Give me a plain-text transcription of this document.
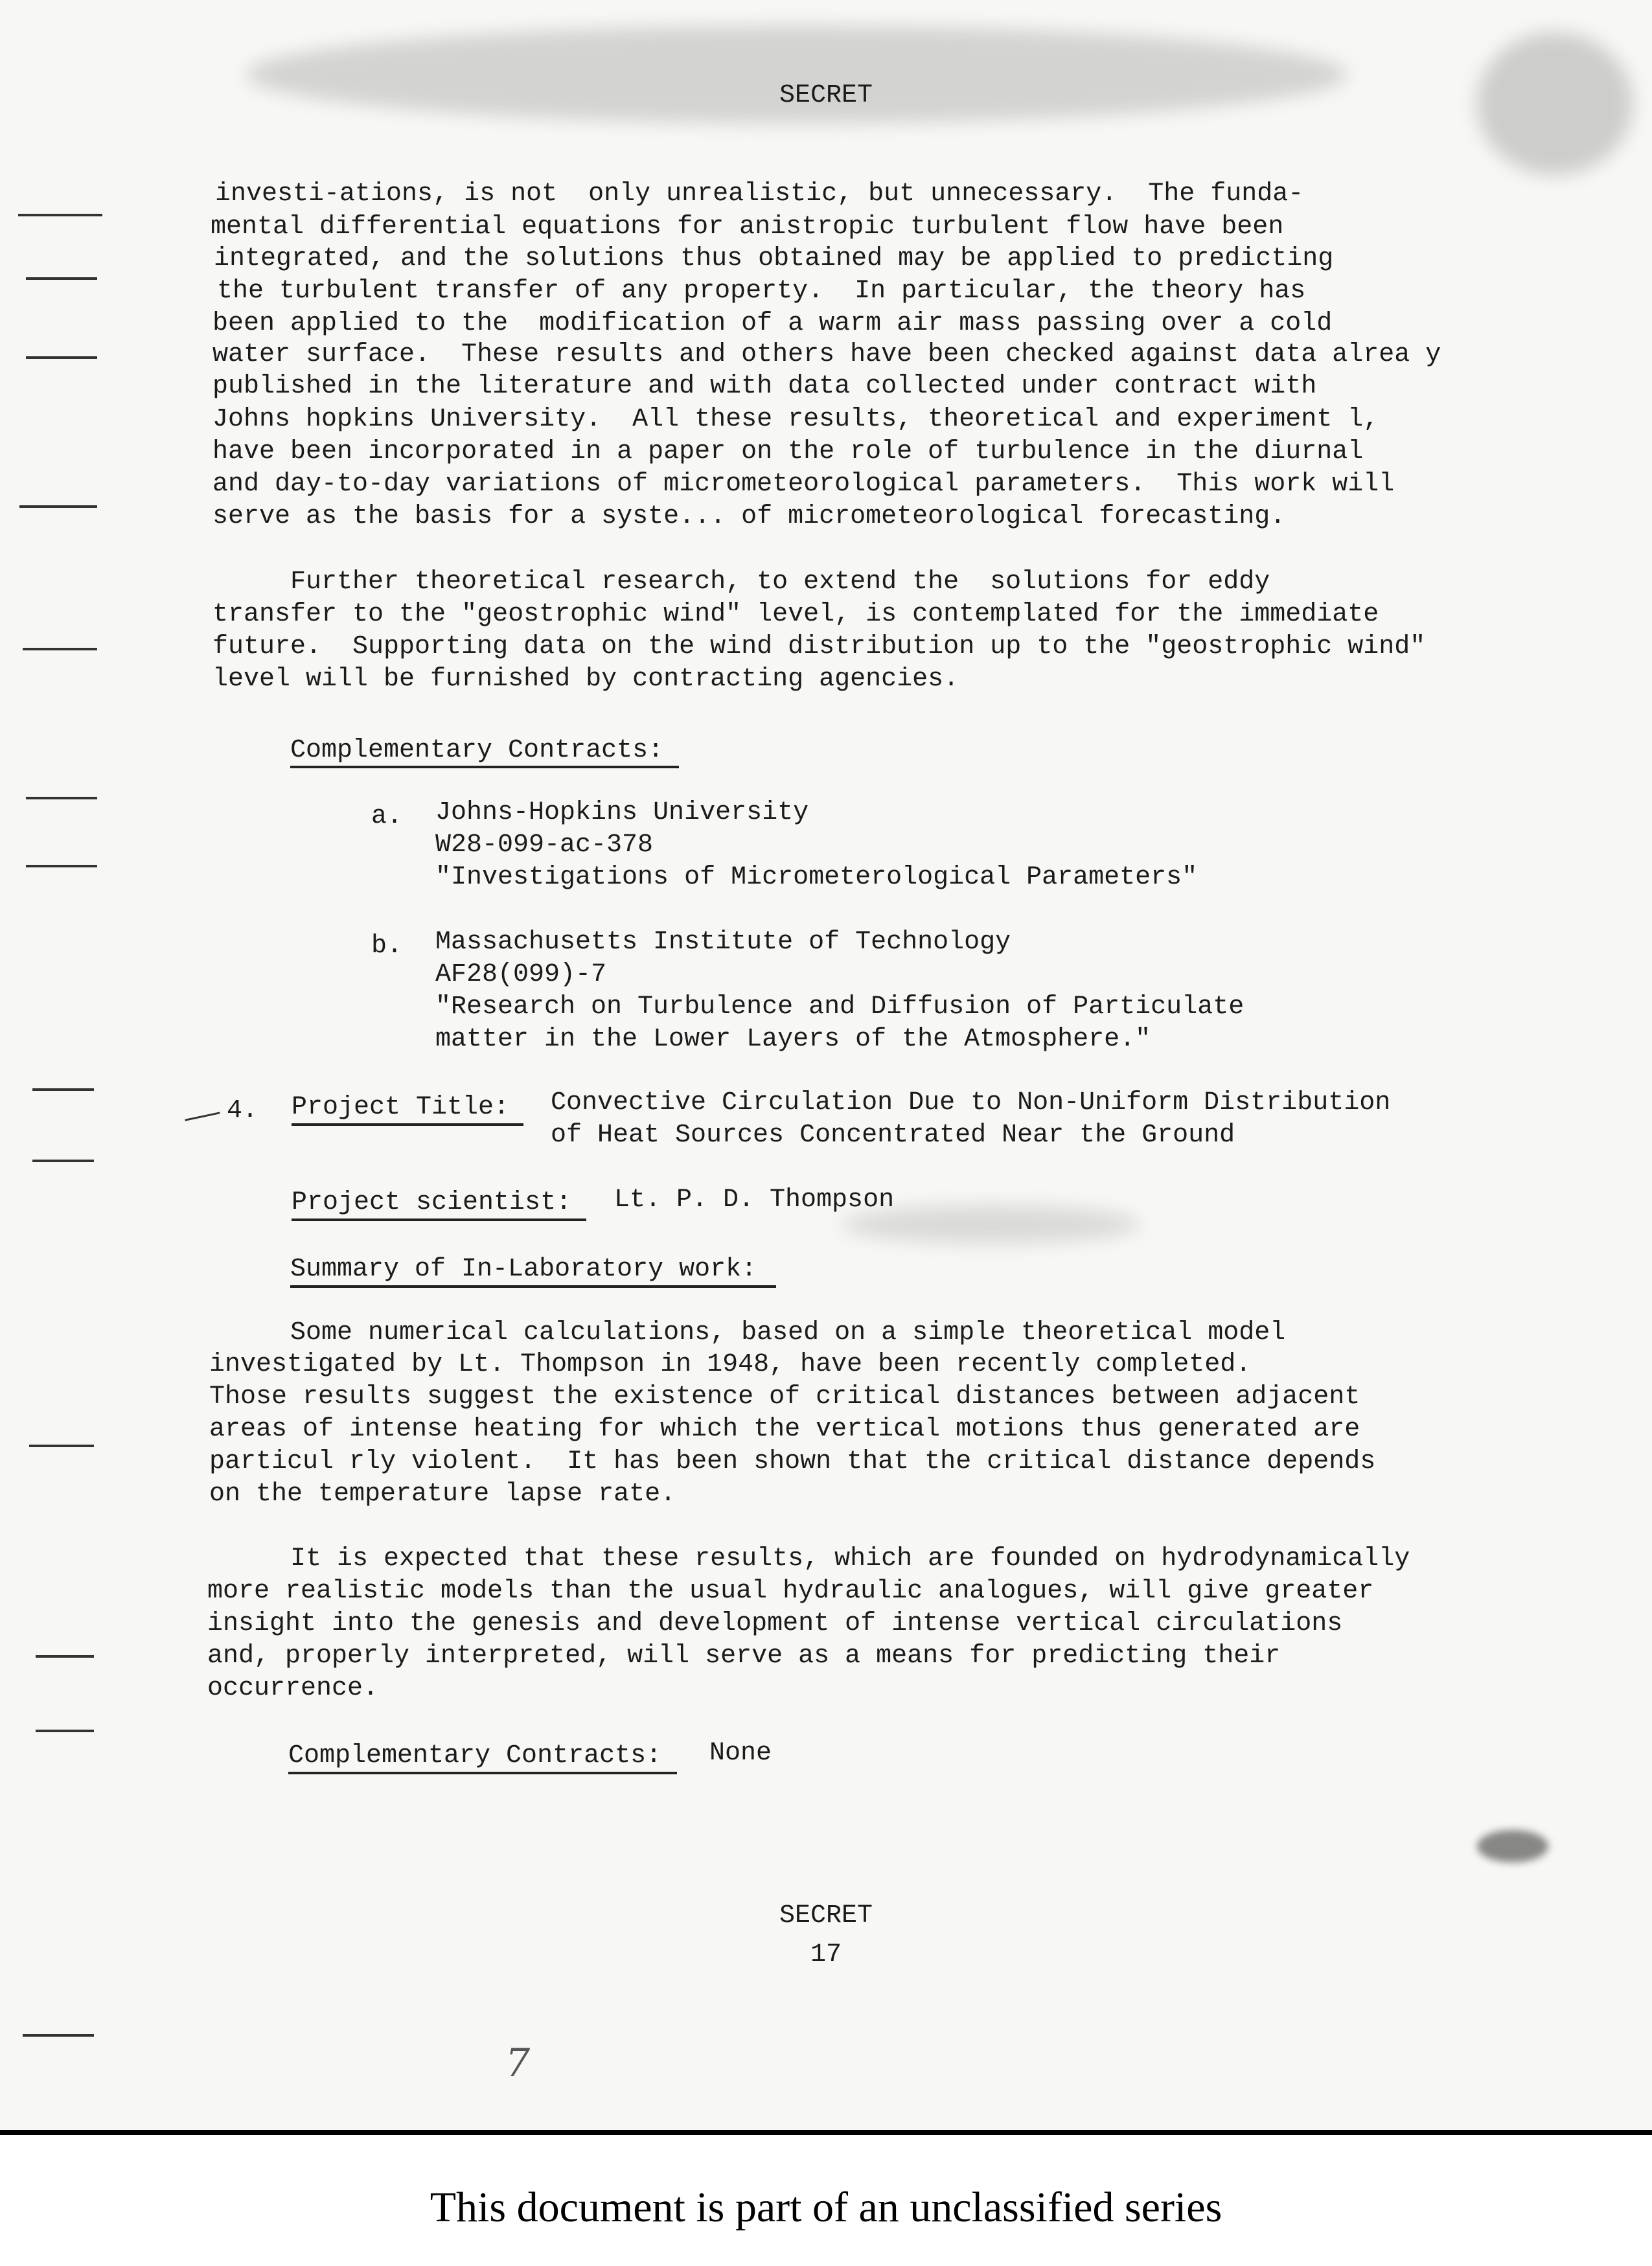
SECRET
investi-ations, is not  only unrealistic, but unnecessary.  The funda-
mental differential equations for anistropic turbulent flow have been
integrated, and the solutions thus obtained may be applied to predicting
the turbulent transfer of any property.  In particular, the theory has
been applied to the  modification of a warm air mass passing over a cold
water surface.  These results and others have been checked against data alrea y
published in the literature and with data collected under contract with
Johns hopkins University.  All these results, theoretical and experiment l,
have been incorporated in a paper on the role of turbulence in the diurnal
and day-to-day variations of micrometeorological parameters.  This work will
serve as the basis for a syste... of micrometeorological forecasting.
Further theoretical research, to extend the  solutions for eddy
transfer to the "geostrophic wind" level, is contemplated for the immediate
future.  Supporting data on the wind distribution up to the "geostrophic wind"
level will be furnished by contracting agencies.
Complementary Contracts:
a. Johns-Hopkins University
W28-099-ac-378
"Investigations of Micrometerological Parameters"
b. Massachusetts Institute of Technology
AF28(099)-7
"Research on Turbulence and Diffusion of Particulate
matter in the Lower Layers of the Atmosphere."
4. Project Title: Convective Circulation Due to Non-Uniform Distribution
of Heat Sources Concentrated Near the Ground
Project scientist: Lt. P. D. Thompson
Summary of In-Laboratory work:
Some numerical calculations, based on a simple theoretical model
investigated by Lt. Thompson in 1948, have been recently completed.
Those results suggest the existence of critical distances between adjacent
areas of intense heating for which the vertical motions thus generated are
particul rly violent.  It has been shown that the critical distance depends
on the temperature lapse rate.
It is expected that these results, which are founded on hydrodynamically
more realistic models than the usual hydraulic analogues, will give greater
insight into the genesis and development of intense vertical circulations
and, properly interpreted, will serve as a means for predicting their
occurrence.
Complementary Contracts: None
SECRET
17
7
This document is part of an unclassified series
